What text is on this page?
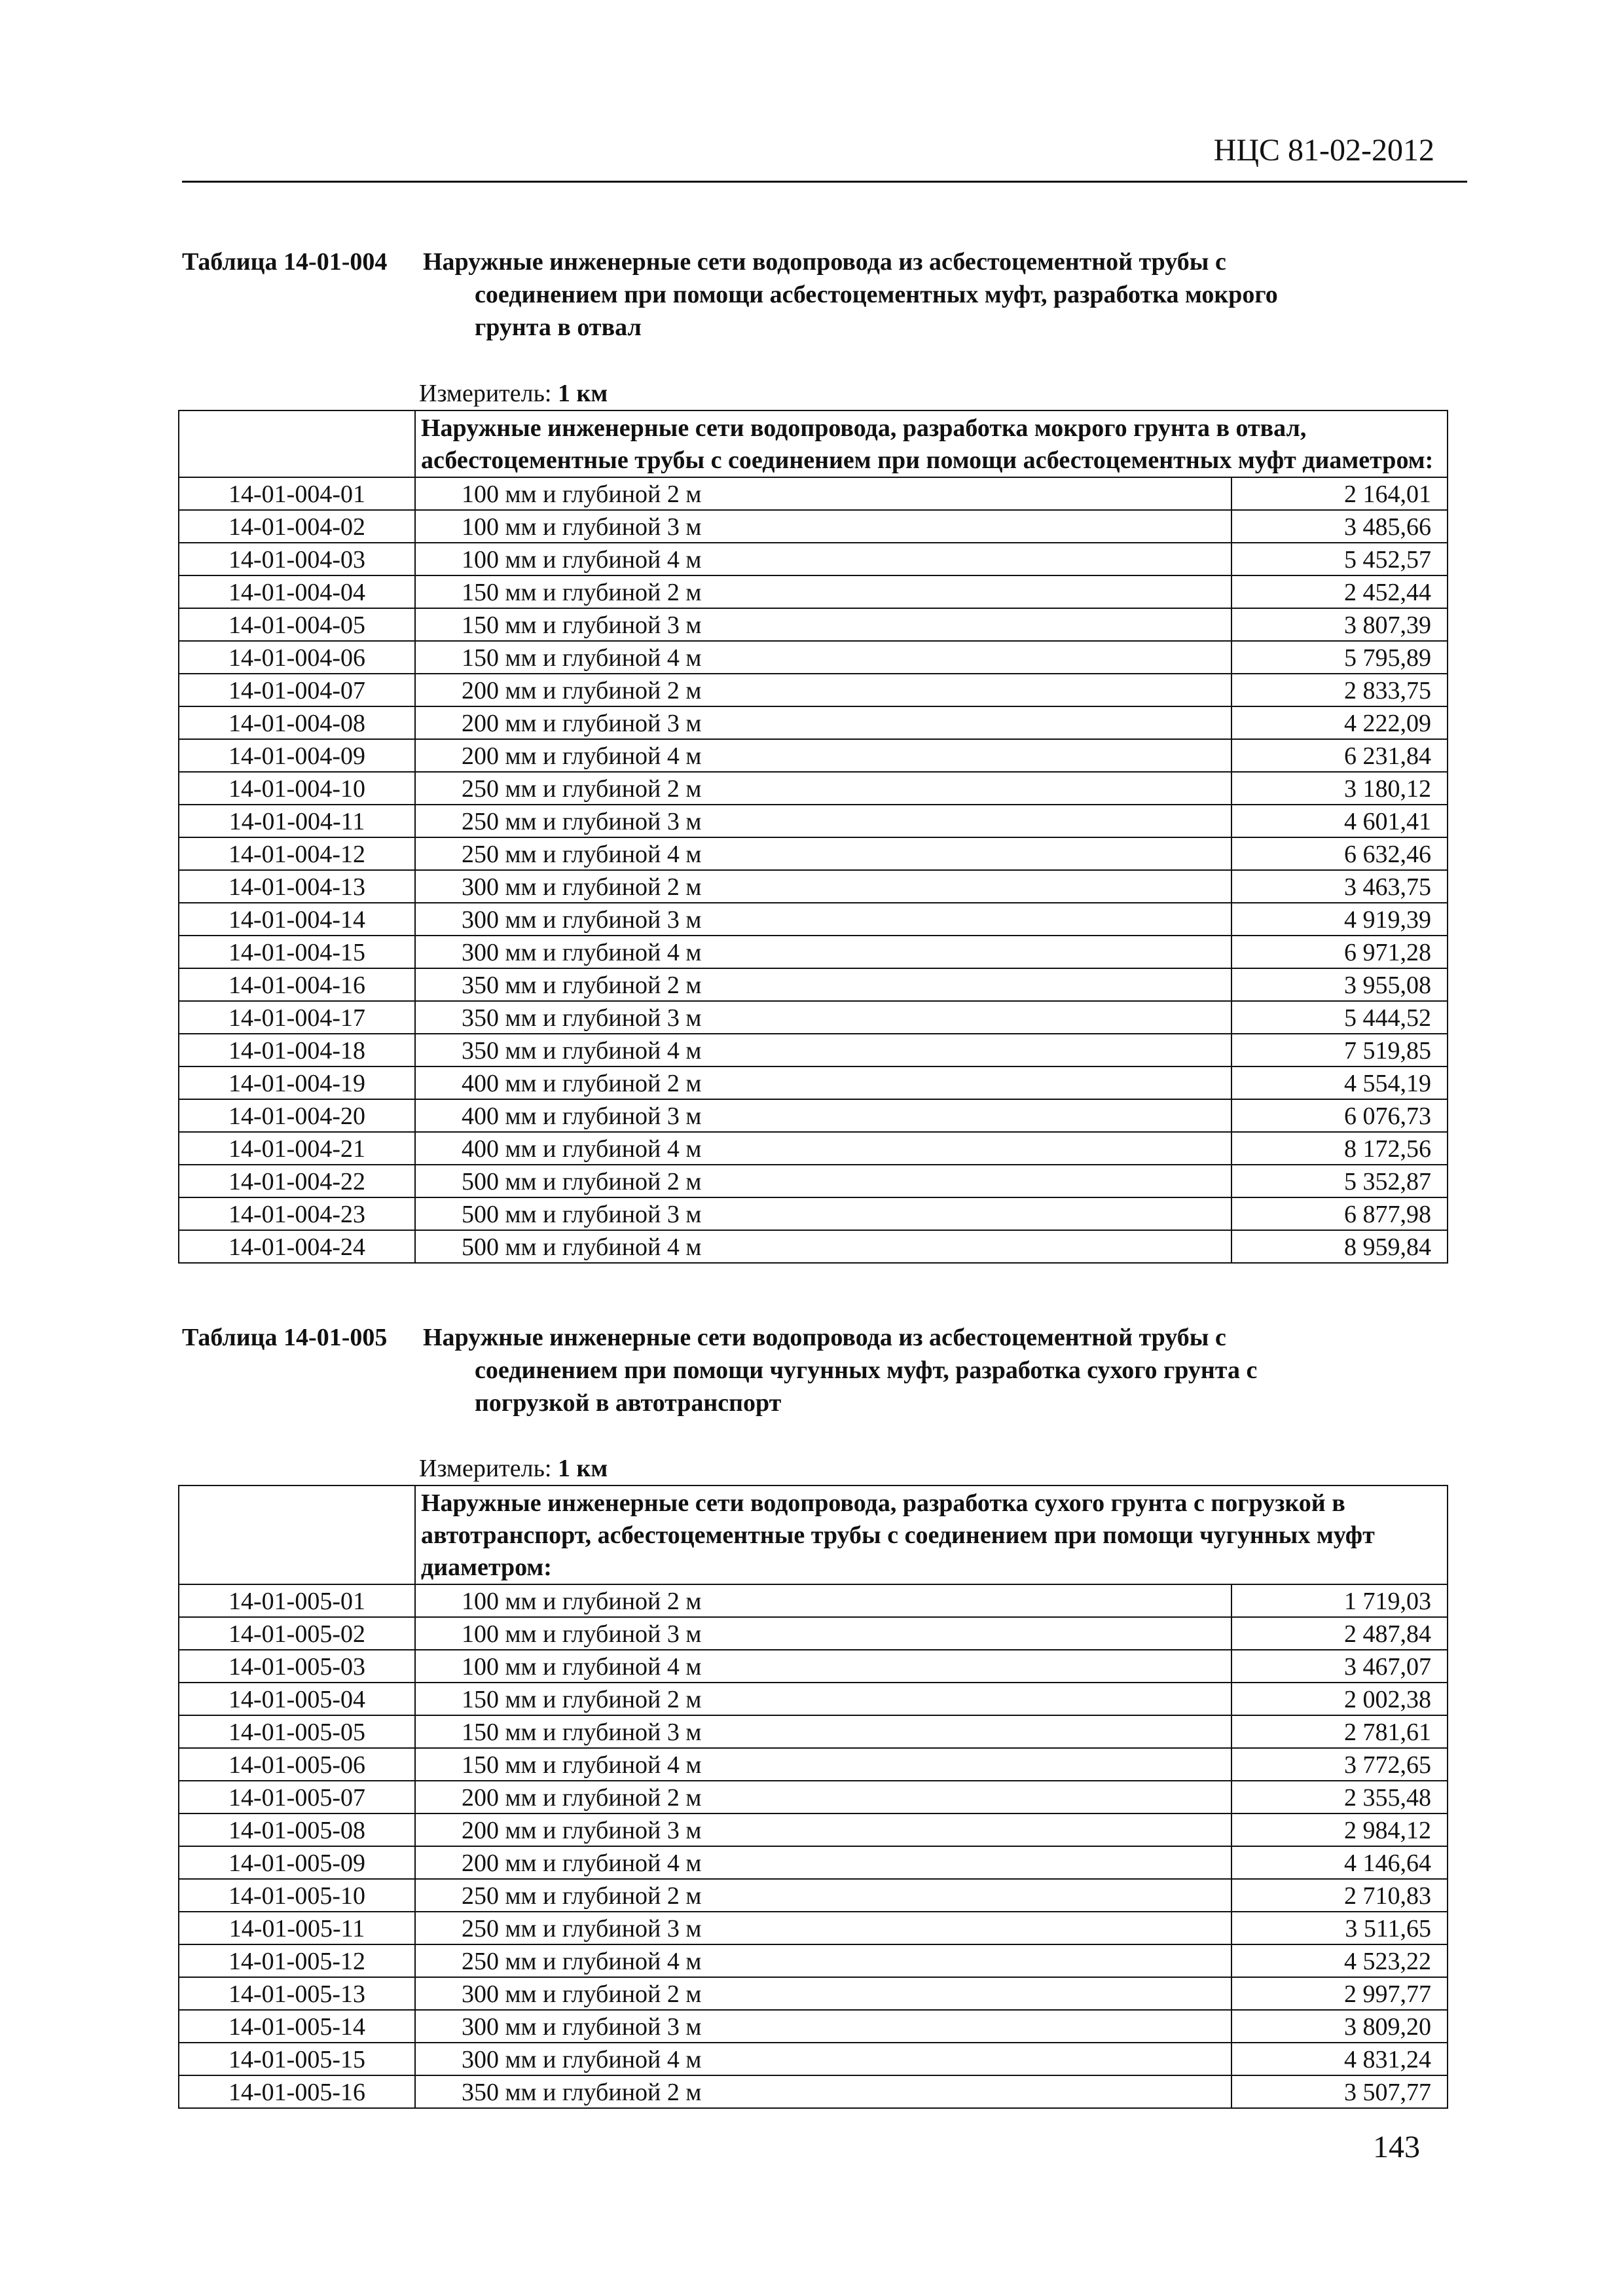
НЦС 81-02-2012
Таблица 14-01-004 Наружные инженерные сети водопровода из асбестоцементной трубы с
соединением при помощи асбестоцементных муфт, разработка мокрого
грунта в отвал
Измеритель: 1 км
	Наружные инженерные сети водопровода, разработка мокрого грунта в отвал, асбестоцементные трубы с соединением при помощи асбестоцементных муфт диаметром:	
14-01-004-01	100 мм и глубиной 2 м	2 164,01
14-01-004-02	100 мм и глубиной 3 м	3 485,66
14-01-004-03	100 мм и глубиной 4 м	5 452,57
14-01-004-04	150 мм и глубиной 2 м	2 452,44
14-01-004-05	150 мм и глубиной 3 м	3 807,39
14-01-004-06	150 мм и глубиной 4 м	5 795,89
14-01-004-07	200 мм и глубиной 2 м	2 833,75
14-01-004-08	200 мм и глубиной 3 м	4 222,09
14-01-004-09	200 мм и глубиной 4 м	6 231,84
14-01-004-10	250 мм и глубиной 2 м	3 180,12
14-01-004-11	250 мм и глубиной 3 м	4 601,41
14-01-004-12	250 мм и глубиной 4 м	6 632,46
14-01-004-13	300 мм и глубиной 2 м	3 463,75
14-01-004-14	300 мм и глубиной 3 м	4 919,39
14-01-004-15	300 мм и глубиной 4 м	6 971,28
14-01-004-16	350 мм и глубиной 2 м	3 955,08
14-01-004-17	350 мм и глубиной 3 м	5 444,52
14-01-004-18	350 мм и глубиной 4 м	7 519,85
14-01-004-19	400 мм и глубиной 2 м	4 554,19
14-01-004-20	400 мм и глубиной 3 м	6 076,73
14-01-004-21	400 мм и глубиной 4 м	8 172,56
14-01-004-22	500 мм и глубиной 2 м	5 352,87
14-01-004-23	500 мм и глубиной 3 м	6 877,98
14-01-004-24	500 мм и глубиной 4 м	8 959,84
Таблица 14-01-005 Наружные инженерные сети водопровода из асбестоцементной трубы с
соединением при помощи чугунных муфт, разработка сухого грунта с
погрузкой в автотранспорт
Измеритель: 1 км
	Наружные инженерные сети водопровода, разработка сухого грунта с погрузкой в автотранспорт, асбестоцементные трубы с соединением при помощи чугунных муфт диаметром:	
14-01-005-01	100 мм и глубиной 2 м	1 719,03
14-01-005-02	100 мм и глубиной 3 м	2 487,84
14-01-005-03	100 мм и глубиной 4 м	3 467,07
14-01-005-04	150 мм и глубиной 2 м	2 002,38
14-01-005-05	150 мм и глубиной 3 м	2 781,61
14-01-005-06	150 мм и глубиной 4 м	3 772,65
14-01-005-07	200 мм и глубиной 2 м	2 355,48
14-01-005-08	200 мм и глубиной 3 м	2 984,12
14-01-005-09	200 мм и глубиной 4 м	4 146,64
14-01-005-10	250 мм и глубиной 2 м	2 710,83
14-01-005-11	250 мм и глубиной 3 м	3 511,65
14-01-005-12	250 мм и глубиной 4 м	4 523,22
14-01-005-13	300 мм и глубиной 2 м	2 997,77
14-01-005-14	300 мм и глубиной 3 м	3 809,20
14-01-005-15	300 мм и глубиной 4 м	4 831,24
14-01-005-16	350 мм и глубиной 2 м	3 507,77
143
